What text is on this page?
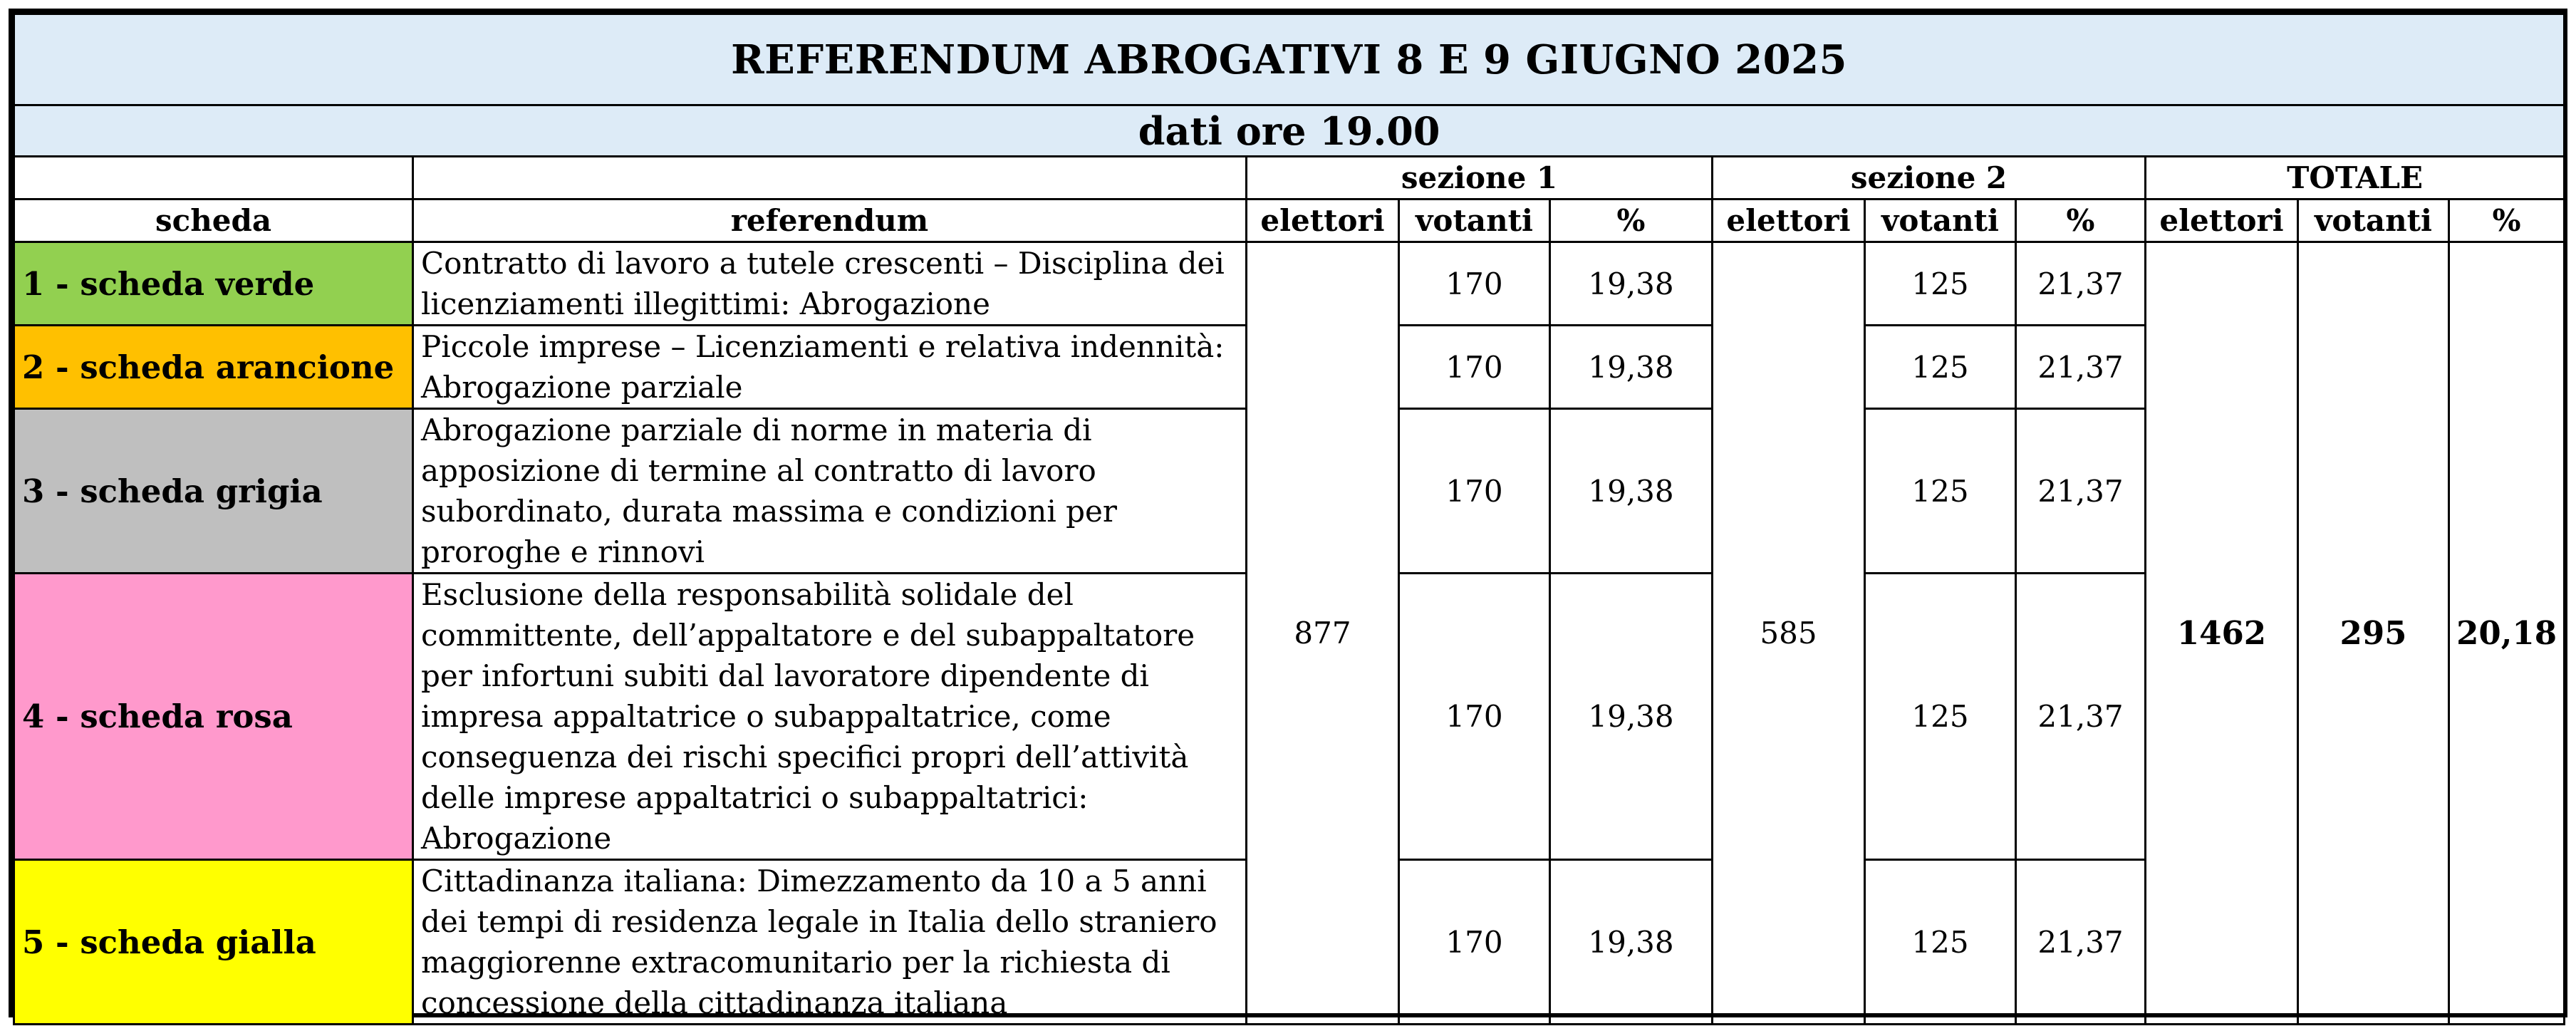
REFERENDUM ABROGATIVI 8 E 9 GIUGNO 2025										
dati ore 19.00										
		sezione 1			sezione 2			TOTALE		
scheda	referendum	elettori	votanti	%	elettori	votanti	%	elettori	votanti	%
1 - scheda verde	Contratto di lavoro a tutele crescenti – Disciplina dei licenziamenti illegittimi: Abrogazione	877	170	19,38	585	125	21,37	1462	295	20,18
2 - scheda arancione	Piccole imprese – Licenziamenti e relativa indennità: Abrogazione parziale		170	19,38		125	21,37			
3 - scheda grigia	Abrogazione parziale di norme in materia di apposizione di termine al contratto di lavoro subordinato, durata massima e condizioni per proroghe e rinnovi		170	19,38		125	21,37			
4 - scheda rosa	Esclusione della responsabilità solidale del committente, dell’appaltatore e del subappaltatore per infortuni subiti dal lavoratore dipendente di impresa appaltatrice o subappaltatrice, come conseguenza dei rischi specifici propri dell’attività delle imprese appaltatrici o subappaltatrici: Abrogazione		170	19,38		125	21,37			
5 - scheda gialla	Cittadinanza italiana: Dimezzamento da 10 a 5 anni dei tempi di residenza legale in Italia dello straniero maggiorenne extracomunitario per la richiesta di concessione della cittadinanza italiana		170	19,38		125	21,37			
